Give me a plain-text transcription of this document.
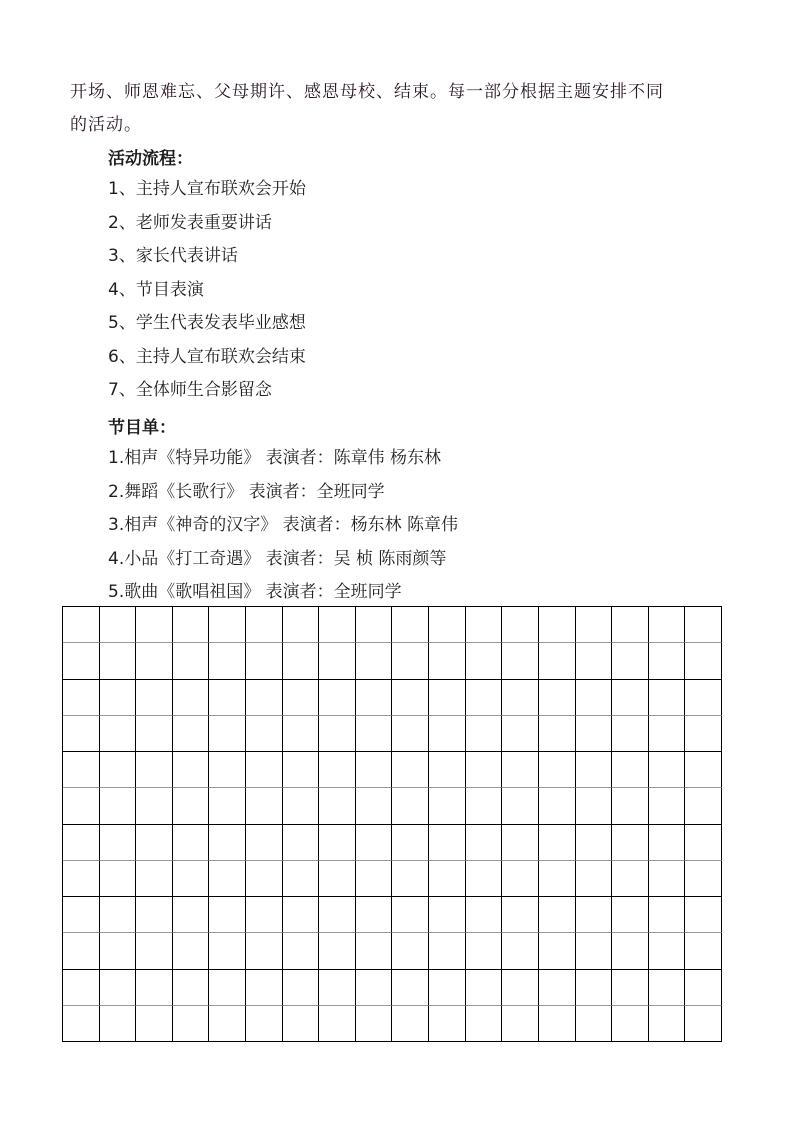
开场、师恩难忘、父母期许、感恩母校、结束。每一部分根据主题安排不同

的活动。

活动流程：
1、主持人宣布联欢会开始
2、老师发表重要讲话
3、家长代表讲话
4、节目表演
5、学生代表发表毕业感想
6、主持人宣布联欢会结束
7、全体师生合影留念
节目单：
1.相声《特异功能》 表演者：陈章伟 杨东林
2.舞蹈《长歌行》 表演者：全班同学
3.相声《神奇的汉字》 表演者：杨东林 陈章伟
4.小品《打工奇遇》 表演者：吴 桢 陈雨颜等
5.歌曲《歌唱祖国》 表演者：全班同学
